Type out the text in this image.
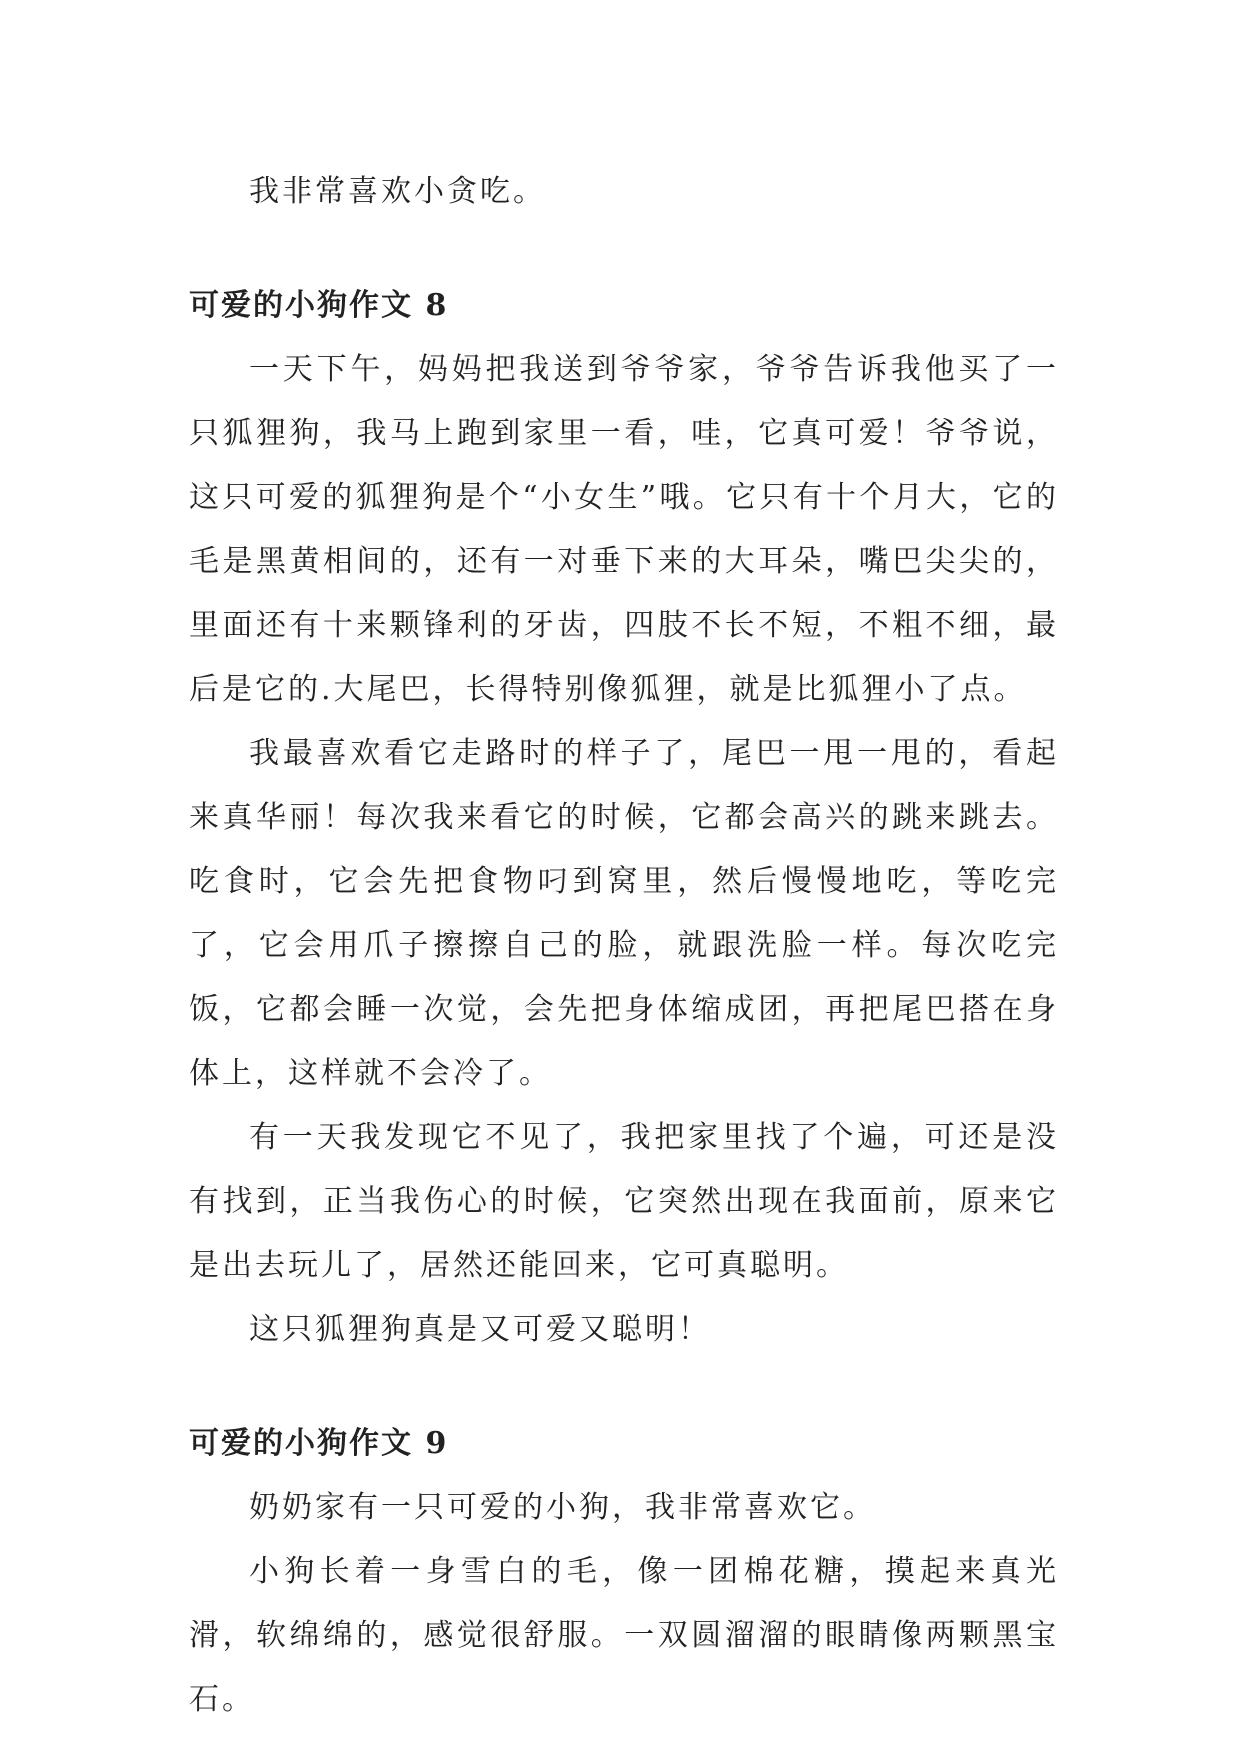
我非常喜欢小贪吃。

可爱的小狗作文 8

一天下午，妈妈把我送到爷爷家，爷爷告诉我他买了一只狐狸狗，我马上跑到家里一看，哇，它真可爱！爷爷说，这只可爱的狐狸狗是个“小女生”哦。它只有十个月大，它的毛是黑黄相间的，还有一对垂下来的大耳朵，嘴巴尖尖的，里面还有十来颗锋利的牙齿，四肢不长不短，不粗不细，最后是它的.大尾巴，长得特别像狐狸，就是比狐狸小了点。

我最喜欢看它走路时的样子了，尾巴一甩一甩的，看起来真华丽！每次我来看它的时候，它都会高兴的跳来跳去。吃食时，它会先把食物叼到窝里，然后慢慢地吃，等吃完了，它会用爪子擦擦自己的脸，就跟洗脸一样。每次吃完饭，它都会睡一次觉，会先把身体缩成团，再把尾巴搭在身体上，这样就不会冷了。

有一天我发现它不见了，我把家里找了个遍，可还是没有找到，正当我伤心的时候，它突然出现在我面前，原来它是出去玩儿了，居然还能回来，它可真聪明。

这只狐狸狗真是又可爱又聪明！

可爱的小狗作文 9

奶奶家有一只可爱的小狗，我非常喜欢它。

小狗长着一身雪白的毛，像一团棉花糖，摸起来真光滑，软绵绵的，感觉很舒服。一双圆溜溜的眼睛像两颗黑宝石。
